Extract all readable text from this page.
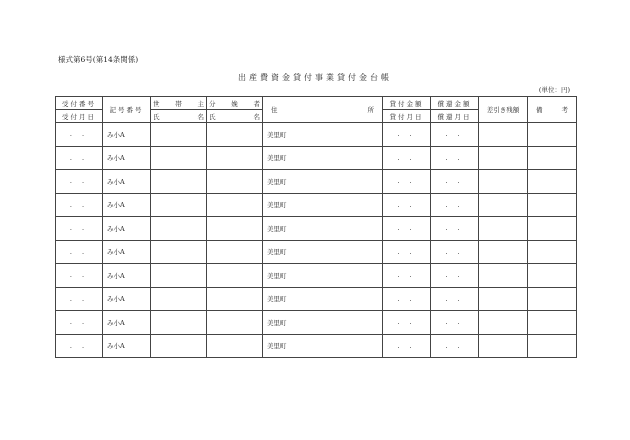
様式第6号(第14条関係)
出産費資金貸付事業貸付金台帳
(単位：円)
受付番号	記号番号	世 帯 主	分 娩 者	住 所	貸付金額	償還金額	差引き残額	備 考

受付月日		氏 名	氏 名		貸付月日	償還月日		
. .	み小A			美里町	. .	. .		
. .	み小A			美里町	. .	. .		
. .	み小A			美里町	. .	. .		
. .	み小A			美里町	. .	. .		
. .	み小A			美里町	. .	. .		
. .	み小A			美里町	. .	. .		
. .	み小A			美里町	. .	. .		
. .	み小A			美里町	. .	. .		
. .	み小A			美里町	. .	. .		
. .	み小A			美里町	. .	. .		
